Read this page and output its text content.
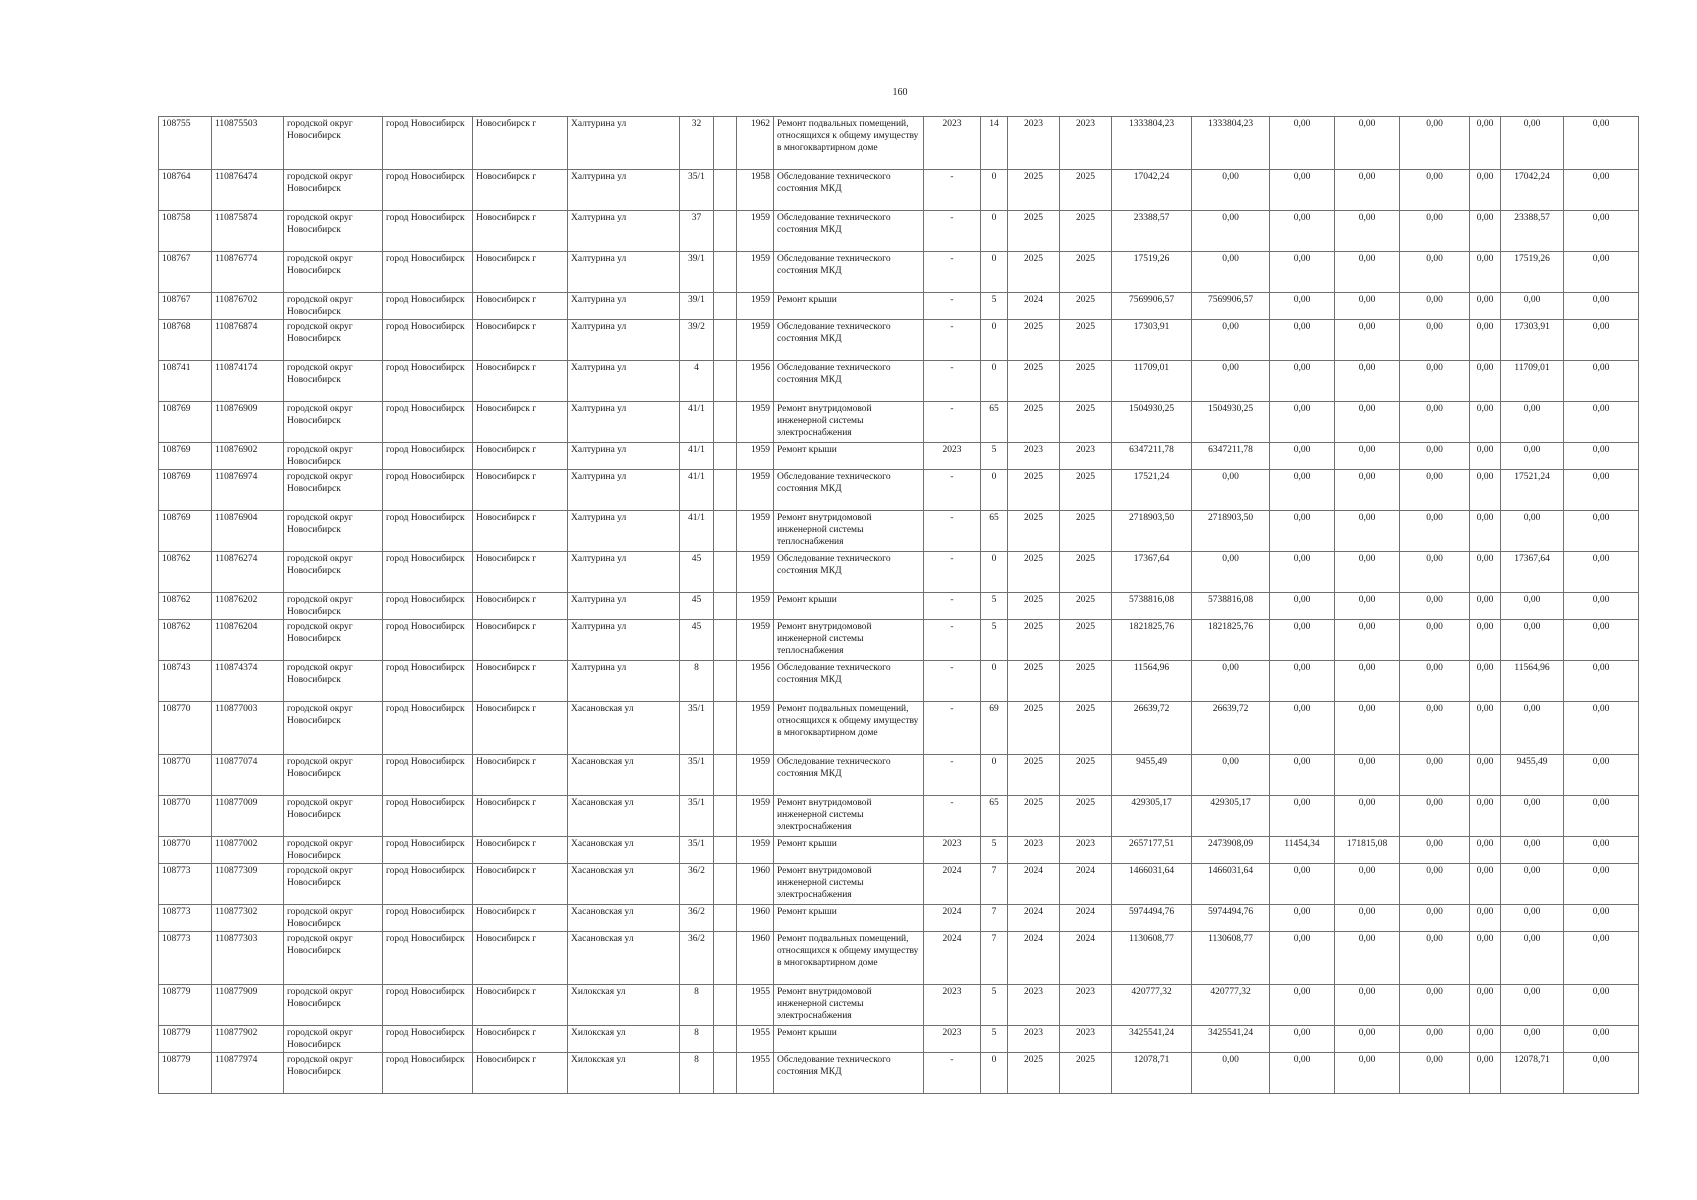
160
108755	110875503	городской округ Новосибирск	город Новосибирск	Новосибирск г	Халтурина ул	32		1962	Ремонт подвальных помещений, относящихся к общему имуществу в многоквартирном доме	2023	14	2023	2023	1333804,23	1333804,23	0,00	0,00	0,00	0,00	0,00	0,00
108764	110876474	городской округ Новосибирск	город Новосибирск	Новосибирск г	Халтурина ул	35/1		1958	Обследование технического состояния МКД	-	0	2025	2025	17042,24	0,00	0,00	0,00	0,00	0,00	17042,24	0,00
108758	110875874	городской округ Новосибирск	город Новосибирск	Новосибирск г	Халтурина ул	37		1959	Обследование технического состояния МКД	-	0	2025	2025	23388,57	0,00	0,00	0,00	0,00	0,00	23388,57	0,00
108767	110876774	городской округ Новосибирск	город Новосибирск	Новосибирск г	Халтурина ул	39/1		1959	Обследование технического состояния МКД	-	0	2025	2025	17519,26	0,00	0,00	0,00	0,00	0,00	17519,26	0,00
108767	110876702	городской округ Новосибирск	город Новосибирск	Новосибирск г	Халтурина ул	39/1		1959	Ремонт крыши	-	5	2024	2025	7569906,57	7569906,57	0,00	0,00	0,00	0,00	0,00	0,00
108768	110876874	городской округ Новосибирск	город Новосибирск	Новосибирск г	Халтурина ул	39/2		1959	Обследование технического состояния МКД	-	0	2025	2025	17303,91	0,00	0,00	0,00	0,00	0,00	17303,91	0,00
108741	110874174	городской округ Новосибирск	город Новосибирск	Новосибирск г	Халтурина ул	4		1956	Обследование технического состояния МКД	-	0	2025	2025	11709,01	0,00	0,00	0,00	0,00	0,00	11709,01	0,00
108769	110876909	городской округ Новосибирск	город Новосибирск	Новосибирск г	Халтурина ул	41/1		1959	Ремонт внутридомовой инженерной системы электроснабжения	-	65	2025	2025	1504930,25	1504930,25	0,00	0,00	0,00	0,00	0,00	0,00
108769	110876902	городской округ Новосибирск	город Новосибирск	Новосибирск г	Халтурина ул	41/1		1959	Ремонт крыши	2023	5	2023	2023	6347211,78	6347211,78	0,00	0,00	0,00	0,00	0,00	0,00
108769	110876974	городской округ Новосибирск	город Новосибирск	Новосибирск г	Халтурина ул	41/1		1959	Обследование технического состояния МКД	-	0	2025	2025	17521,24	0,00	0,00	0,00	0,00	0,00	17521,24	0,00
108769	110876904	городской округ Новосибирск	город Новосибирск	Новосибирск г	Халтурина ул	41/1		1959	Ремонт внутридомовой инженерной системы теплоснабжения	-	65	2025	2025	2718903,50	2718903,50	0,00	0,00	0,00	0,00	0,00	0,00
108762	110876274	городской округ Новосибирск	город Новосибирск	Новосибирск г	Халтурина ул	45		1959	Обследование технического состояния МКД	-	0	2025	2025	17367,64	0,00	0,00	0,00	0,00	0,00	17367,64	0,00
108762	110876202	городской округ Новосибирск	город Новосибирск	Новосибирск г	Халтурина ул	45		1959	Ремонт крыши	-	5	2025	2025	5738816,08	5738816,08	0,00	0,00	0,00	0,00	0,00	0,00
108762	110876204	городской округ Новосибирск	город Новосибирск	Новосибирск г	Халтурина ул	45		1959	Ремонт внутридомовой инженерной системы теплоснабжения	-	5	2025	2025	1821825,76	1821825,76	0,00	0,00	0,00	0,00	0,00	0,00
108743	110874374	городской округ Новосибирск	город Новосибирск	Новосибирск г	Халтурина ул	8		1956	Обследование технического состояния МКД	-	0	2025	2025	11564,96	0,00	0,00	0,00	0,00	0,00	11564,96	0,00
108770	110877003	городской округ Новосибирск	город Новосибирск	Новосибирск г	Хасановская ул	35/1		1959	Ремонт подвальных помещений, относящихся к общему имуществу в многоквартирном доме	-	69	2025	2025	26639,72	26639,72	0,00	0,00	0,00	0,00	0,00	0,00
108770	110877074	городской округ Новосибирск	город Новосибирск	Новосибирск г	Хасановская ул	35/1		1959	Обследование технического состояния МКД	-	0	2025	2025	9455,49	0,00	0,00	0,00	0,00	0,00	9455,49	0,00
108770	110877009	городской округ Новосибирск	город Новосибирск	Новосибирск г	Хасановская ул	35/1		1959	Ремонт внутридомовой инженерной системы электроснабжения	-	65	2025	2025	429305,17	429305,17	0,00	0,00	0,00	0,00	0,00	0,00
108770	110877002	городской округ Новосибирск	город Новосибирск	Новосибирск г	Хасановская ул	35/1		1959	Ремонт крыши	2023	5	2023	2023	2657177,51	2473908,09	11454,34	171815,08	0,00	0,00	0,00	0,00
108773	110877309	городской округ Новосибирск	город Новосибирск	Новосибирск г	Хасановская ул	36/2		1960	Ремонт внутридомовой инженерной системы электроснабжения	2024	7	2024	2024	1466031,64	1466031,64	0,00	0,00	0,00	0,00	0,00	0,00
108773	110877302	городской округ Новосибирск	город Новосибирск	Новосибирск г	Хасановская ул	36/2		1960	Ремонт крыши	2024	7	2024	2024	5974494,76	5974494,76	0,00	0,00	0,00	0,00	0,00	0,00
108773	110877303	городской округ Новосибирск	город Новосибирск	Новосибирск г	Хасановская ул	36/2		1960	Ремонт подвальных помещений, относящихся к общему имуществу в многоквартирном доме	2024	7	2024	2024	1130608,77	1130608,77	0,00	0,00	0,00	0,00	0,00	0,00
108779	110877909	городской округ Новосибирск	город Новосибирск	Новосибирск г	Хилокская ул	8		1955	Ремонт внутридомовой инженерной системы электроснабжения	2023	5	2023	2023	420777,32	420777,32	0,00	0,00	0,00	0,00	0,00	0,00
108779	110877902	городской округ Новосибирск	город Новосибирск	Новосибирск г	Хилокская ул	8		1955	Ремонт крыши	2023	5	2023	2023	3425541,24	3425541,24	0,00	0,00	0,00	0,00	0,00	0,00
108779	110877974	городской округ Новосибирск	город Новосибирск	Новосибирск г	Хилокская ул	8		1955	Обследование технического состояния МКД	-	0	2025	2025	12078,71	0,00	0,00	0,00	0,00	0,00	12078,71	0,00
